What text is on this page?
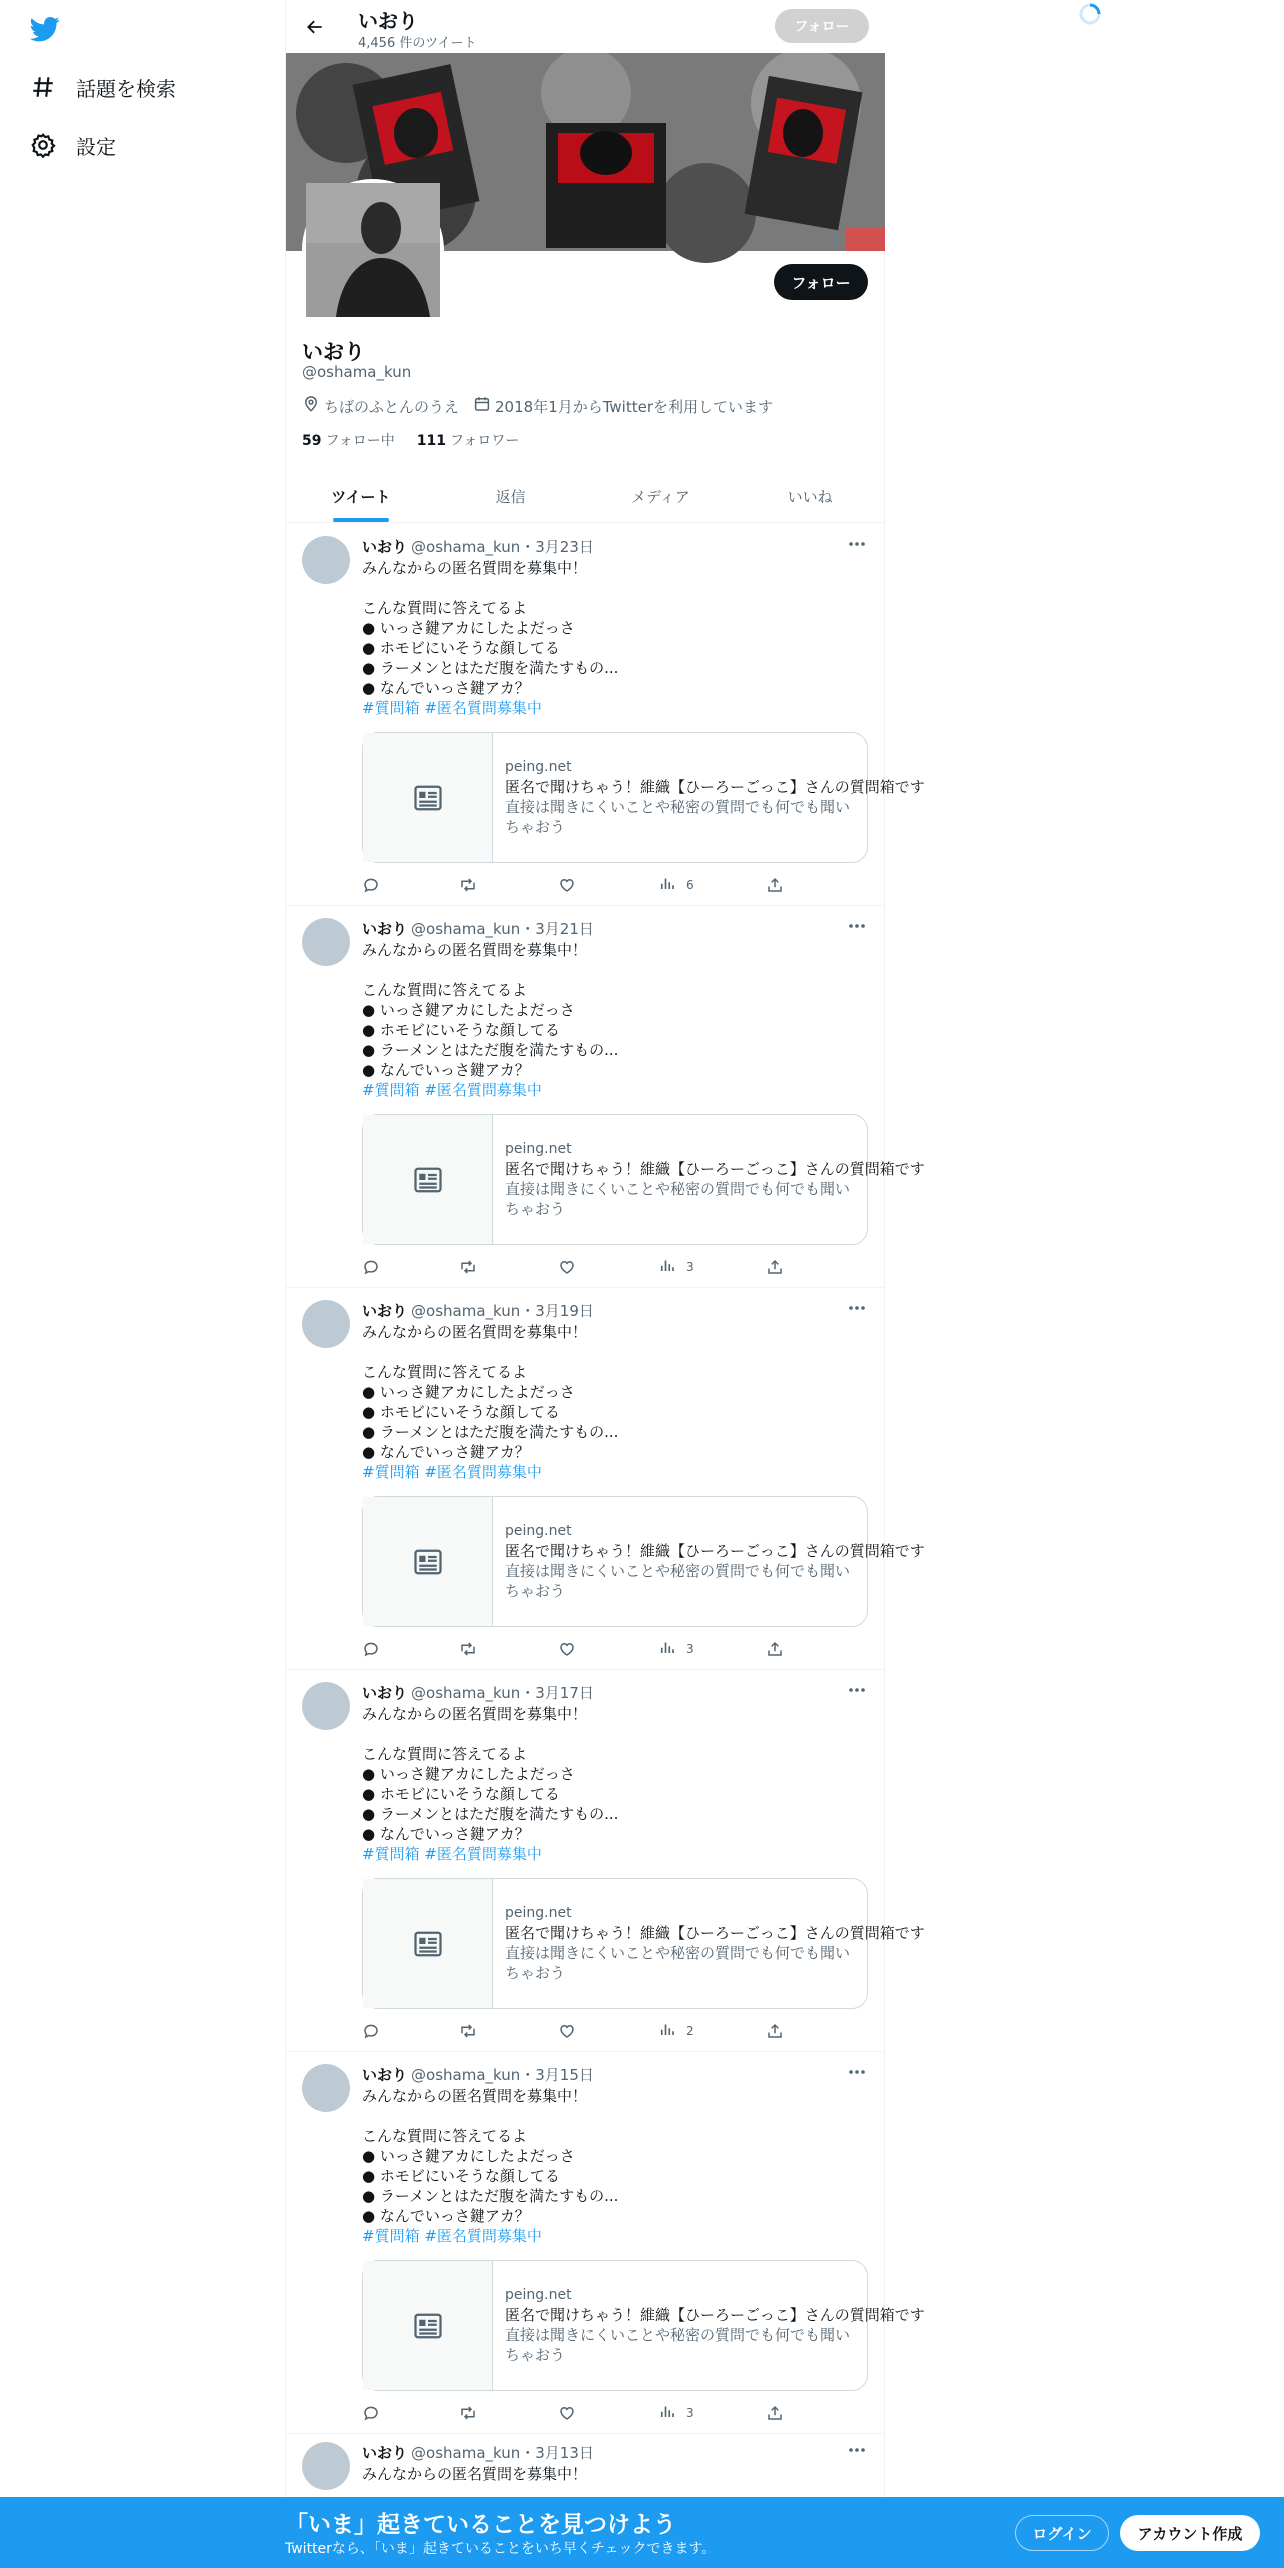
話題を検索
設定
いおり
4,456 件のツイート
フォロー
フォロー
いおり
@oshama_kun
ちばのふとんのうえ 2018年1月からTwitterを利用しています
59 フォロー中 111 フォロワー
ツイート	返信	メディア	いいね
いおり @oshama_kun ・3月23日
みんなからの匿名質問を募集中！
こんな質問に答えてるよ
● いっさ鍵アカにしたよだっさ
● ホモビにいそうな顔してる
● ラーメンとはただ腹を満たすもの...
● なんでいっさ鍵アカ？
#質問箱 #匿名質問募集中
peing.net
匿名で聞けちゃう！維織【ひーろーごっこ】さんの質問箱です
直接は聞きにくいことや秘密の質問でも何でも聞いちゃおう
6
いおり @oshama_kun ・3月21日
みんなからの匿名質問を募集中！
こんな質問に答えてるよ
● いっさ鍵アカにしたよだっさ
● ホモビにいそうな顔してる
● ラーメンとはただ腹を満たすもの...
● なんでいっさ鍵アカ？
#質問箱 #匿名質問募集中
peing.net
匿名で聞けちゃう！維織【ひーろーごっこ】さんの質問箱です
直接は聞きにくいことや秘密の質問でも何でも聞いちゃおう
3
いおり @oshama_kun ・3月19日
みんなからの匿名質問を募集中！
こんな質問に答えてるよ
● いっさ鍵アカにしたよだっさ
● ホモビにいそうな顔してる
● ラーメンとはただ腹を満たすもの...
● なんでいっさ鍵アカ？
#質問箱 #匿名質問募集中
peing.net
匿名で聞けちゃう！維織【ひーろーごっこ】さんの質問箱です
直接は聞きにくいことや秘密の質問でも何でも聞いちゃおう
3
いおり @oshama_kun ・3月17日
みんなからの匿名質問を募集中！
こんな質問に答えてるよ
● いっさ鍵アカにしたよだっさ
● ホモビにいそうな顔してる
● ラーメンとはただ腹を満たすもの...
● なんでいっさ鍵アカ？
#質問箱 #匿名質問募集中
peing.net
匿名で聞けちゃう！維織【ひーろーごっこ】さんの質問箱です
直接は聞きにくいことや秘密の質問でも何でも聞いちゃおう
2
いおり @oshama_kun ・3月15日
みんなからの匿名質問を募集中！
こんな質問に答えてるよ
● いっさ鍵アカにしたよだっさ
● ホモビにいそうな顔してる
● ラーメンとはただ腹を満たすもの...
● なんでいっさ鍵アカ？
#質問箱 #匿名質問募集中
peing.net
匿名で聞けちゃう！維織【ひーろーごっこ】さんの質問箱です
直接は聞きにくいことや秘密の質問でも何でも聞いちゃおう
3
いおり @oshama_kun ・3月13日
みんなからの匿名質問を募集中！
「いま」起きていることを見つけよう
Twitterなら、「いま」起きていることをいち早くチェックできます。
ログイン	アカウント作成
